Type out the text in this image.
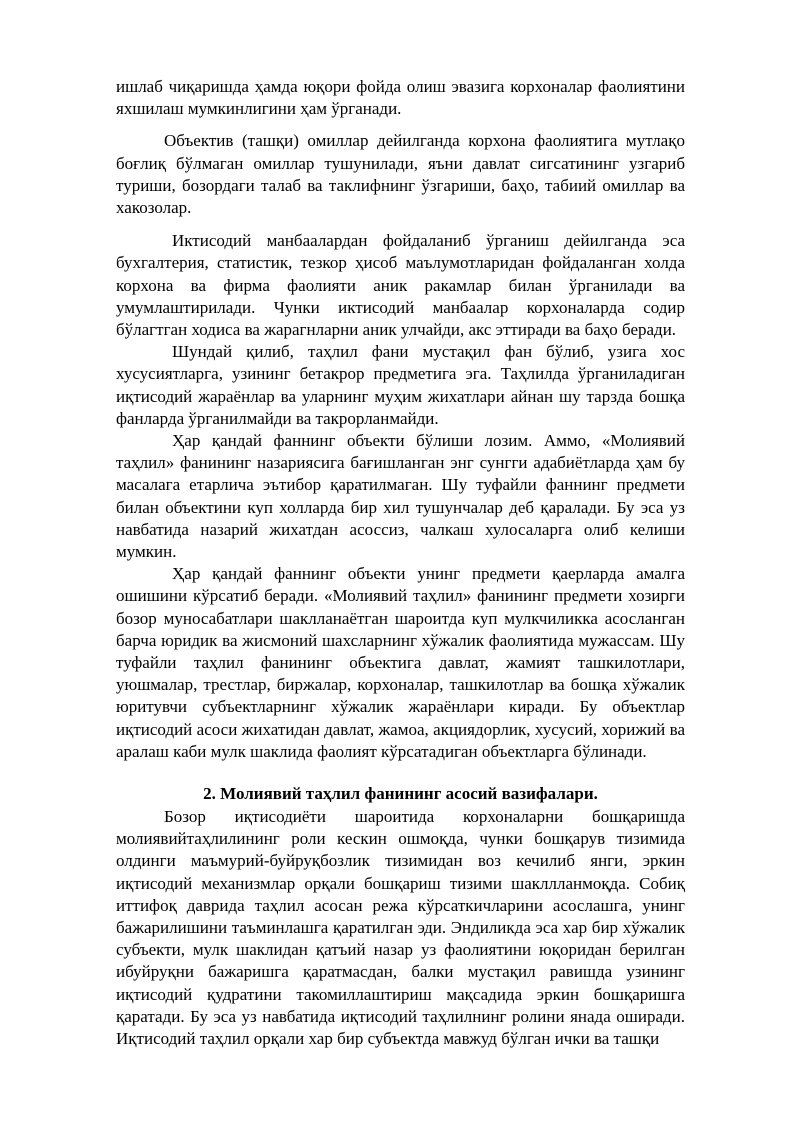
ишлаб чиқаришда ҳамда юқори фойда олиш эвазига корхоналар фаолиятини яхшилаш мумкинлигини ҳам ўрганади.

Объектив (ташқи) омиллар дейилганда корхона фаолиятига мутлақо боғлиқ бўлмаган омиллар тушунилади, яъни давлат сигсатининг узгариб туриши, бозордаги талаб ва таклифнинг ўзгариши, баҳо, табиий омиллар ва хакозолар.

Иктисодий манбаалардан фойдаланиб ўрганиш дейилганда эса бухгалтерия, статистик, тезкор ҳисоб маълумотларидан фойдаланган холда корхона ва фирма фаолияти аник ракамлар билан ўрганилади ва умумлаштирилади. Чунки иктисодий манбаалар корхоналарда содир бўлагтган ходиса ва жарагнларни аник улчайди, акс эттиради ва баҳо беради.

Шундай қилиб, таҳлил фани мустақил фан бўлиб, узига хос хусусиятларга, узининг бетакрор предметига эга. Таҳлилда ўрганиладиган иқтисодий жараёнлар ва уларнинг муҳим жихатлари айнан шу тарзда бошқа фанларда ўрганилмайди ва такрорланмайди.

Ҳар қандай фаннинг объекти бўлиши лозим. Аммо, «Молиявий таҳлил» фанининг назариясига бағишланган энг сунгги адабиётларда ҳам бу масалага етарлича эътибор қаратилмаган. Шу туфайли фаннинг предмети билан объектини куп холларда бир хил тушунчалар деб қаралади. Бу эса уз навбатида назарий жихатдан асоссиз, чалкаш хулосаларга олиб келиши мумкин.

Ҳар қандай фаннинг объекти унинг предмети қаерларда амалга ошишини кўрсатиб беради. «Молиявий таҳлил» фанининг предмети хозирги бозор муносабатлари шаклланаётган шароитда куп мулкчиликка асосланган барча юридик ва жисмоний шахсларнинг хўжалик фаолиятида мужассам. Шу туфайли таҳлил фанининг объектига давлат, жамият ташкилотлари, уюшмалар, трестлар, биржалар, корхоналар, ташкилотлар ва бошқа хўжалик юритувчи субъектларнинг хўжалик жараёнлари киради. Бу объектлар иқтисодий асоси жихатидан давлат, жамоа, акциядорлик, хусусий, хорижий ва аралаш каби мулк шаклида фаолият кўрсатадиган объектларга бўлинади.

2. Молиявий таҳлил фанининг асосий вазифалари.

Бозор иқтисодиёти шароитида корхоналарни бошқаришда молиявийтаҳлилининг роли кескин ошмоқда, чунки бошқарув тизимида олдинги маъмурий-буйруқбозлик тизимидан воз кечилиб янги, эркин иқтисодий механизмлар орқали бошқариш тизими шакллланмоқда. Собиқ иттифоқ даврида таҳлил асосан режа кўрсаткичларини асослашга, унинг бажарилишини таъминлашга қаратилган эди. Эндиликда эса хар бир хўжалик субъекти, мулк шаклидан қатъий назар уз фаолиятини юқоридан берилган ибуйруқни бажаришга қаратмасдан, балки мустақил равишда узининг иқтисодий қудратини такомиллаштириш мақсадида эркин бошқаришга қаратади. Бу эса уз навбатида иқтисодий таҳлилнинг ролини янада оширади. Иқтисодий таҳлил орқали хар бир субъектда мавжуд бўлган ички ва ташқи
